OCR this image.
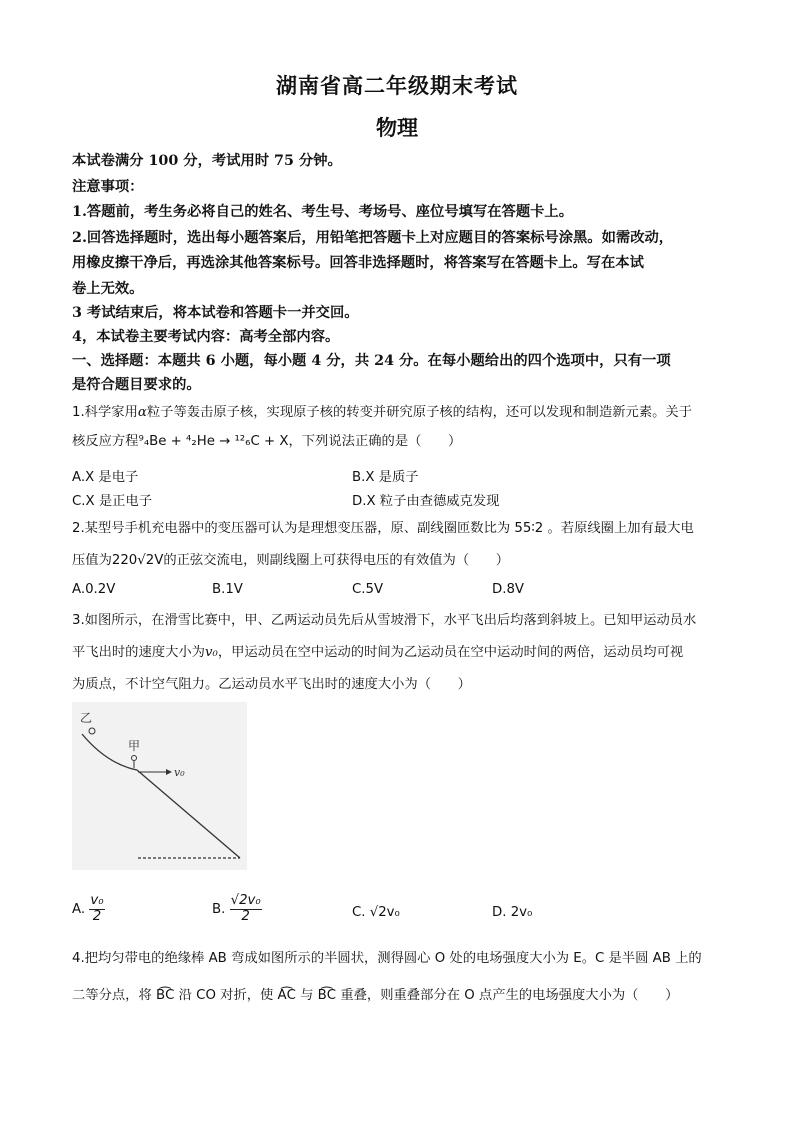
湖南省高二年级期末考试
物理
本试卷满分 100 分，考试用时 75 分钟。
注意事项：
1.答题前，考生务必将自己的姓名、考生号、考场号、座位号填写在答题卡上。
2.回答选择题时，选出每小题答案后，用铅笔把答题卡上对应题目的答案标号涂黑。如需改动，
用橡皮擦干净后，再选涂其他答案标号。回答非选择题时，将答案写在答题卡上。写在本试
卷上无效。
3 考试结束后，将本试卷和答题卡一并交回。
4，本试卷主要考试内容：高考全部内容。
一、选择题：本题共 6 小题，每小题 4 分，共 24 分。在每小题给出的四个选项中，只有一项
是符合题目要求的。
1.科学家用α粒子等轰击原子核，实现原子核的转变并研究原子核的结构，还可以发现和制造新元素。关于
核反应方程⁹₄Be + ⁴₂He → ¹²₆C + X，下列说法正确的是（　　）
A.X 是电子	B.X 是质子
C.X 是正电子	D.X 粒子由查德威克发现
2.某型号手机充电器中的变压器可认为是理想变压器，原、副线圈匝数比为 55∶2 。若原线圈上加有最大电
压值为220√2V的正弦交流电，则副线圈上可获得电压的有效值为（　　）
A.0.2V	B.1V	C.5V	D.8V
3.如图所示，在滑雪比赛中，甲、乙两运动员先后从雪坡滑下，水平飞出后均落到斜坡上。已知甲运动员水
平飞出时的速度大小为v₀，甲运动员在空中运动的时间为乙运动员在空中运动时间的两倍，运动员均可视
为质点，不计空气阻力。乙运动员水平飞出时的速度大小为（　　）
乙
甲
v₀
A. $\frac{\text{v₀}}{2}$	B. $\frac{\text{√2v₀}}{2}$	C. √2v₀	D. 2v₀
4.把均匀带电的绝缘棒 AB 弯成如图所示的半圆状，测得圆心 O 处的电场强度大小为 E。C 是半圆 AB 上的
二等分点，将 B͡C 沿 CO 对折，使 A͡C 与 B͡C 重叠，则重叠部分在 O 点产生的电场强度大小为（　　）
